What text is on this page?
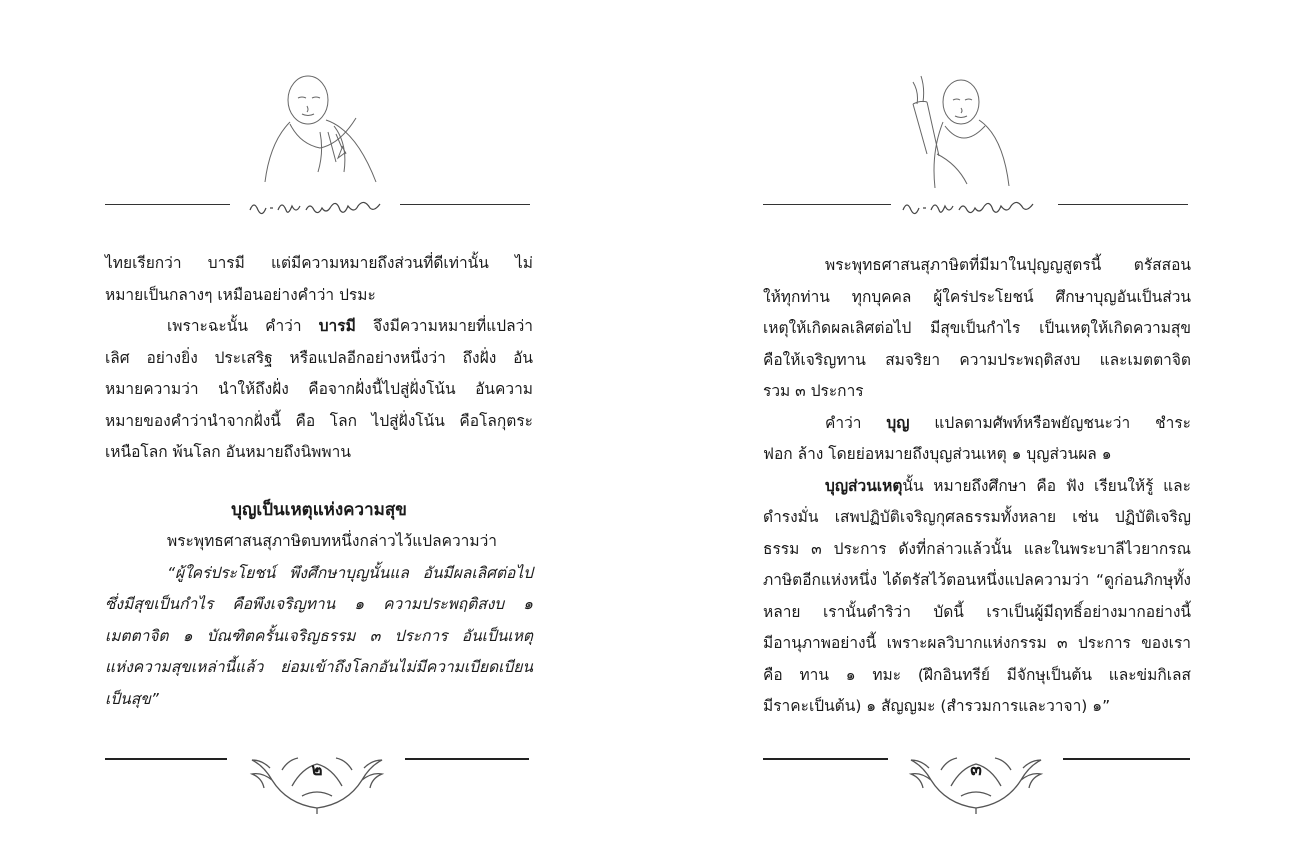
ไทยเรียกว่า บารมี แต่มีความหมายถึงส่วนที่ดีเท่านั้น ไม่

หมายเป็นกลางๆ เหมือนอย่างคำว่า ปรมะ

เพราะฉะนั้น คำว่า บารมี จึงมีความหมายที่แปลว่า

เลิศ อย่างยิ่ง ประเสริฐ หรือแปลอีกอย่างหนึ่งว่า ถึงฝั่ง อัน

หมายความว่า นำให้ถึงฝั่ง คือจากฝั่งนี้ไปสู่ฝั่งโน้น อันความ

หมายของคำว่านำจากฝั่งนี้ คือ โลก ไปสู่ฝั่งโน้น คือโลกุตระ

เหนือโลก พ้นโลก อันหมายถึงนิพพาน

บุญเป็นเหตุแห่งความสุข

พระพุทธศาสนสุภาษิตบทหนึ่งกล่าวไว้แปลความว่า

“ผู้ใคร่ประโยชน์ พึงศึกษาบุญนั้นแล อันมีผลเลิศต่อไป

ซึ่งมีสุขเป็นกำไร คือพึงเจริญทาน ๑ ความประพฤติสงบ ๑

เมตตาจิต ๑ บัณฑิตครั้นเจริญธรรม ๓ ประการ อันเป็นเหตุ

แห่งความสุขเหล่านี้แล้ว ย่อมเข้าถึงโลกอันไม่มีความเบียดเบียน

เป็นสุข”

๒

พระพุทธศาสนสุภาษิตที่มีมาในปุญญสูตรนี้ ตรัสสอน

ให้ทุกท่าน ทุกบุคคล ผู้ใคร่ประโยชน์ ศึกษาบุญอันเป็นส่วน

เหตุให้เกิดผลเลิศต่อไป มีสุขเป็นกำไร เป็นเหตุให้เกิดความสุข

คือให้เจริญทาน สมจริยา ความประพฤติสงบ และเมตตาจิต

รวม ๓ ประการ

คำว่า บุญ แปลตามศัพท์หรือพยัญชนะว่า ชำระ

ฟอก ล้าง โดยย่อหมายถึงบุญส่วนเหตุ ๑ บุญส่วนผล ๑

บุญส่วนเหตุนั้น หมายถึงศึกษา คือ ฟัง เรียนให้รู้ และ

ดำรงมั่น เสพปฏิบัติเจริญกุศลธรรมทั้งหลาย เช่น ปฏิบัติเจริญ

ธรรม ๓ ประการ ดังที่กล่าวแล้วนั้น และในพระบาลีไวยากรณ

ภาษิตอีกแห่งหนึ่ง ได้ตรัสไว้ตอนหนึ่งแปลความว่า “ดูก่อนภิกษุทั้ง

หลาย เรานั้นดำริว่า บัดนี้ เราเป็นผู้มีฤทธิ์อย่างมากอย่างนี้

มีอานุภาพอย่างนี้ เพราะผลวิบากแห่งกรรม ๓ ประการ ของเรา

คือ ทาน ๑ ทมะ (ฝึกอินทรีย์ มีจักษุเป็นต้น และข่มกิเลส

มีราคะเป็นต้น) ๑ สัญญมะ (สำรวมการและวาจา) ๑”

๓
